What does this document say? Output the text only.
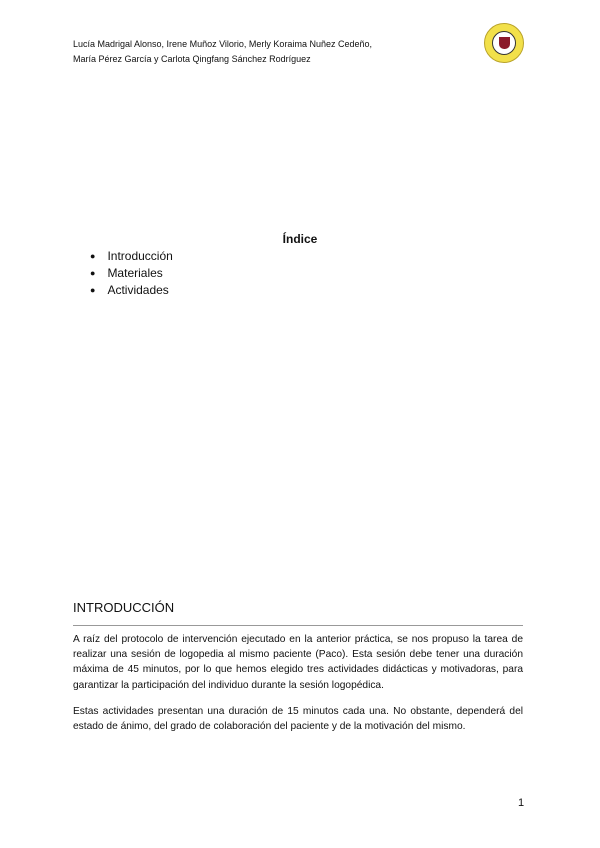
Lucía Madrigal Alonso, Irene Muñoz Vilorio, Merly Koraima Nuñez Cedeño,
María Pérez García y Carlota Qingfang Sánchez Rodríguez
Índice
● Introducción
● Materiales
● Actividades
INTRODUCCIÓN
A raíz del protocolo de intervención ejecutado en la anterior práctica, se nos propuso la tarea de realizar una sesión de logopedia al mismo paciente (Paco). Esta sesión debe tener una duración máxima de 45 minutos, por lo que hemos elegido tres actividades didácticas y motivadoras, para garantizar la participación del individuo durante la sesión logopédica.
Estas actividades presentan una duración de 15 minutos cada una. No obstante, dependerá del estado de ánimo, del grado de colaboración del paciente y de la motivación del mismo.
1
